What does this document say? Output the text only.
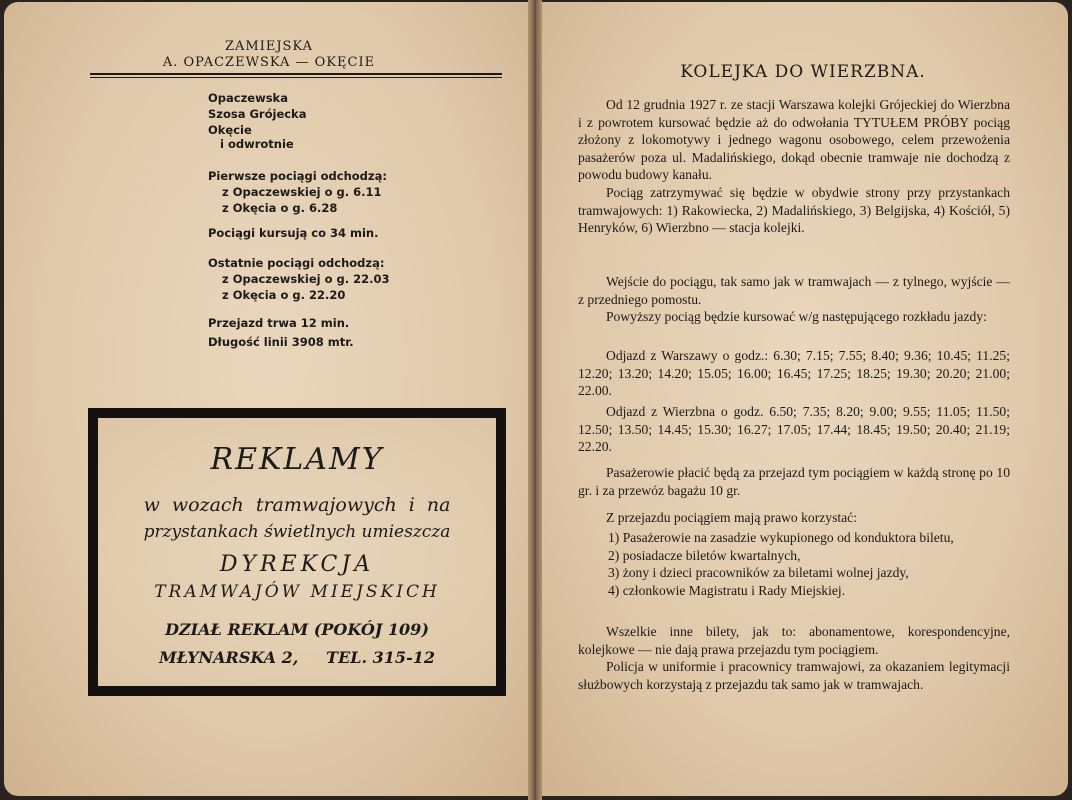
ZAMIEJSKA
A. OPACZEWSKA — OKĘCIE
Opaczewska
Szosa Grójecka
Okęcie
i odwrotnie
Pierwsze pociągi odchodzą:
z Opaczewskiej o g. 6.11
z Okęcia o g. 6.28
Pociągi kursują co 34 min.
Ostatnie pociągi odchodzą:
z Opaczewskiej o g. 22.03
z Okęcia o g. 22.20
Przejazd trwa 12 min.
Długość linii 3908 mtr.
REKLAMY
w wozach tramwajowych i na
przystankach świetlnych umieszcza
DYREKCJA
TRAMWAJÓW MIEJSKICH
DZIAŁ REKLAM (POKÓJ 109)
MŁYNARSKA 2,     TEL. 315-12
KOLEJKA DO WIERZBNA.

Od 12 grudnia 1927 r. ze stacji Warszawa kolejki Grójeckiej do Wierzbna i z powrotem kursować będzie aż do odwołania TYTUŁEM PRÓBY pociąg złożony z lokomotywy i jednego wagonu osobowego, celem przewożenia pasażerów poza ul. Madalińskiego, dokąd obecnie tramwaje nie dochodzą z powodu budowy kanału.

Pociąg zatrzymywać się będzie w obydwie strony przy przystankach tramwajowych: 1) Rakowiecka, 2) Madalińskiego, 3) Belgijska, 4) Kościół, 5) Henryków, 6) Wierzbno — stacja kolejki.

Wejście do pociągu, tak samo jak w tramwajach — z tylnego, wyjście — z przedniego pomostu.

Powyższy pociąg będzie kursować w/g następującego rozkładu jazdy:

Odjazd z Warszawy o godz.: 6.30; 7.15; 7.55; 8.40; 9.36; 10.45; 11.25; 12.20; 13.20; 14.20; 15.05; 16.00; 16.45; 17.25; 18.25; 19.30; 20.20; 21.00; 22.00.

Odjazd z Wierzbna o godz. 6.50; 7.35; 8.20; 9.00; 9.55; 11.05; 11.50; 12.50; 13.50; 14.45; 15.30; 16.27; 17.05; 17.44; 18.45; 19.50; 20.40; 21.19; 22.20.

Pasażerowie płacić będą za przejazd tym pociągiem w każdą stronę po 10 gr. i za przewóz bagażu 10 gr.

Z przejazdu pociągiem mają prawo korzystać:

1) Pasażerowie na zasadzie wykupionego od konduktora biletu,
2) posiadacze biletów kwartalnych,
3) żony i dzieci pracowników za biletami wolnej jazdy,
4) członkowie Magistratu i Rady Miejskiej.

Wszelkie inne bilety, jak to: abonamentowe, korespondencyjne, kolejkowe — nie dają prawa przejazdu tym pociągiem.

Policja w uniformie i pracownicy tramwajowi, za okazaniem legitymacji służbowych korzystają z przejazdu tak samo jak w tramwajach.
